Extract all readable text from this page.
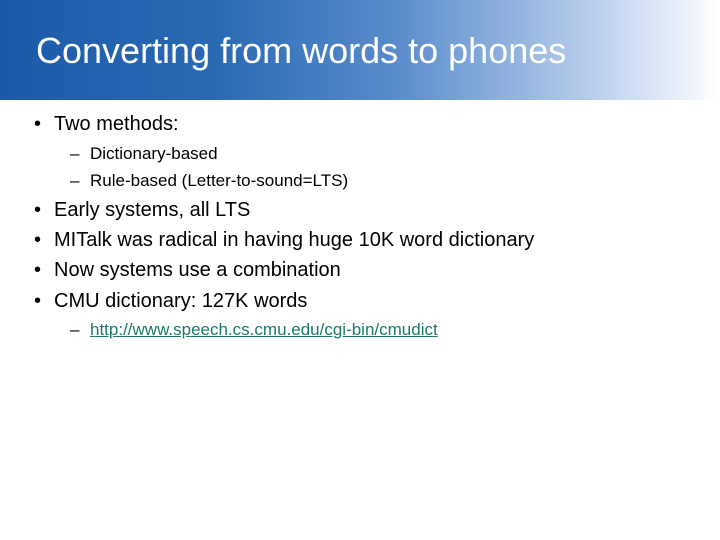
Converting from words to phones
• Two methods:
– Dictionary-based
– Rule-based (Letter-to-sound=LTS)
• Early systems, all LTS
• MITalk was radical in having huge 10K word dictionary
• Now systems use a combination
• CMU dictionary: 127K words
– http://www.speech.cs.cmu.edu/cgi-bin/cmudict
